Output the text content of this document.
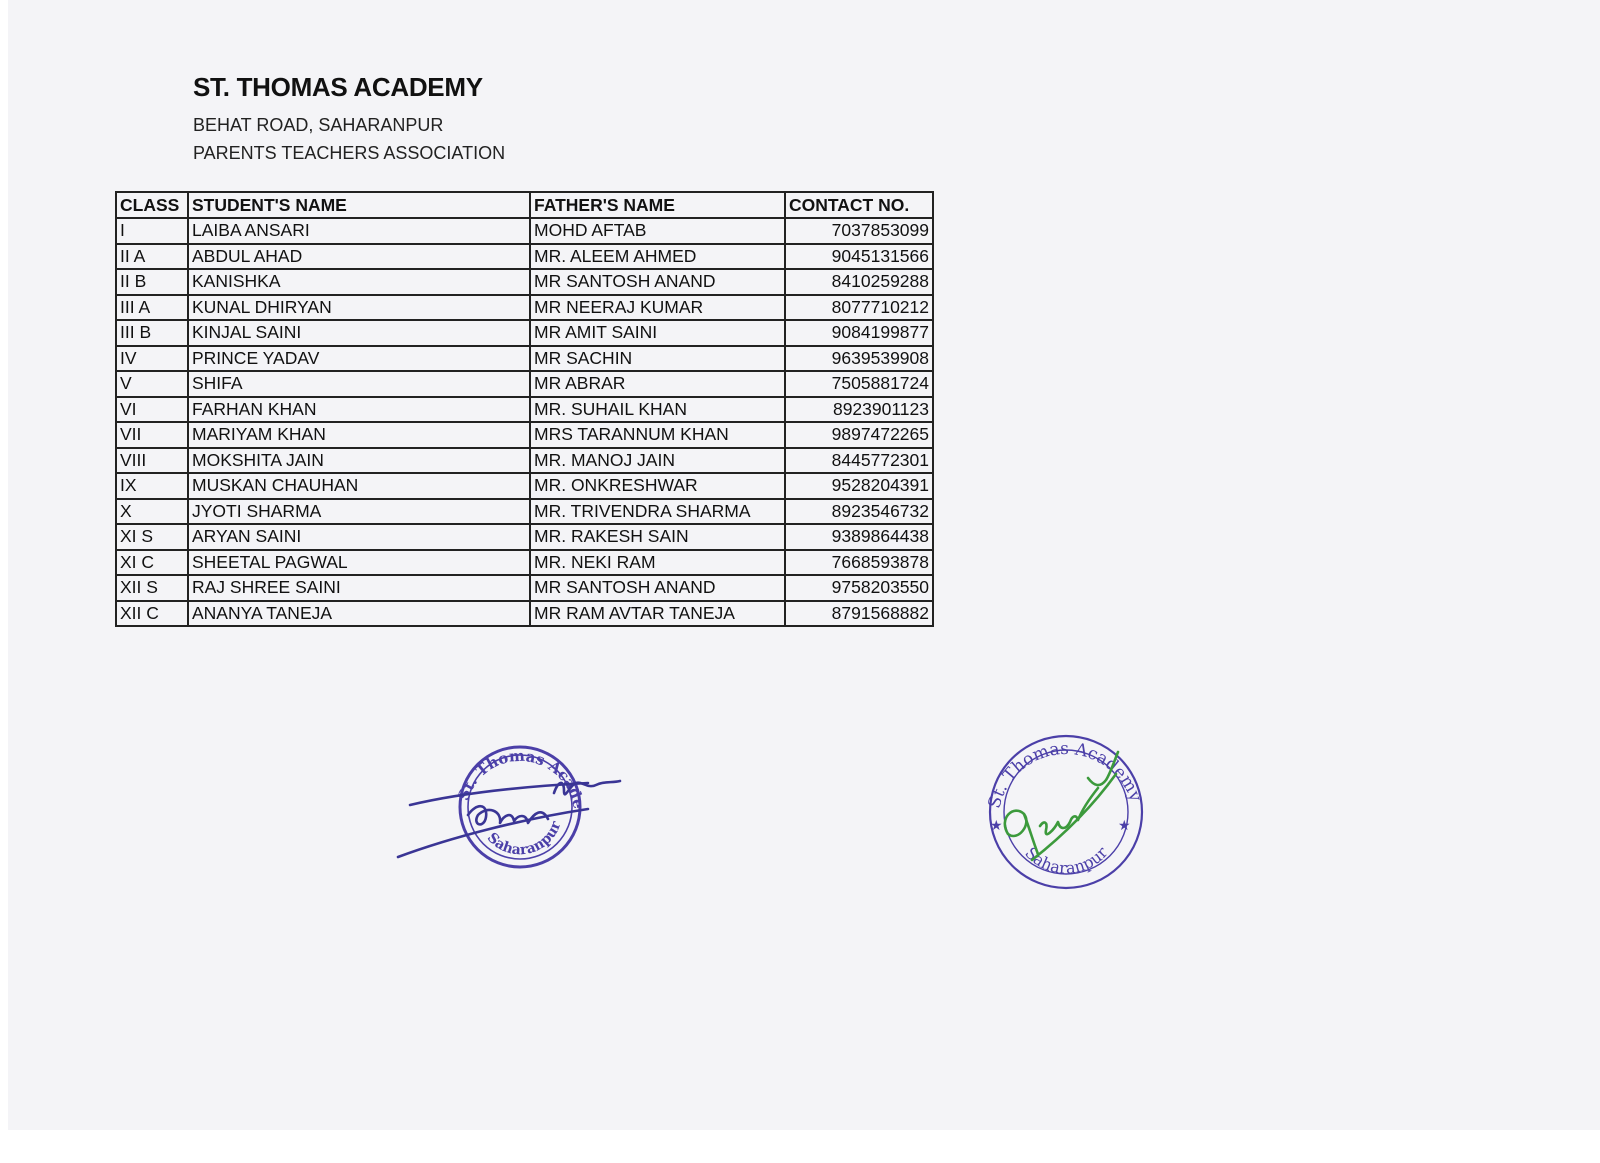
ST. THOMAS ACADEMY
BEHAT ROAD, SAHARANPUR
PARENTS TEACHERS ASSOCIATION
CLASS	STUDENT'S NAME	FATHER'S NAME	CONTACT NO.
I	LAIBA ANSARI	MOHD AFTAB	7037853099
II A	ABDUL AHAD	MR. ALEEM AHMED	9045131566
II B	KANISHKA	MR SANTOSH ANAND	8410259288
III A	KUNAL DHIRYAN	MR NEERAJ KUMAR	8077710212
III B	KINJAL SAINI	MR AMIT SAINI	9084199877
IV	PRINCE YADAV	MR SACHIN	9639539908
V	SHIFA	MR ABRAR	7505881724
VI	FARHAN KHAN	MR. SUHAIL KHAN	8923901123
VII	MARIYAM KHAN	MRS TARANNUM KHAN	9897472265
VIII	MOKSHITA JAIN	MR. MANOJ JAIN	8445772301
IX	MUSKAN CHAUHAN	MR. ONKRESHWAR	9528204391
X	JYOTI SHARMA	MR. TRIVENDRA SHARMA	8923546732
XI S	ARYAN SAINI	MR. RAKESH SAIN	9389864438
XI C	SHEETAL PAGWAL	MR. NEKI RAM	7668593878
XII S	RAJ SHREE SAINI	MR SANTOSH ANAND	9758203550
XII C	ANANYA TANEJA	MR RAM AVTAR TANEJA	8791568882
St. Thomas Academy
Saharanpur
St. Thomas Academy
Saharanpur
★	★
